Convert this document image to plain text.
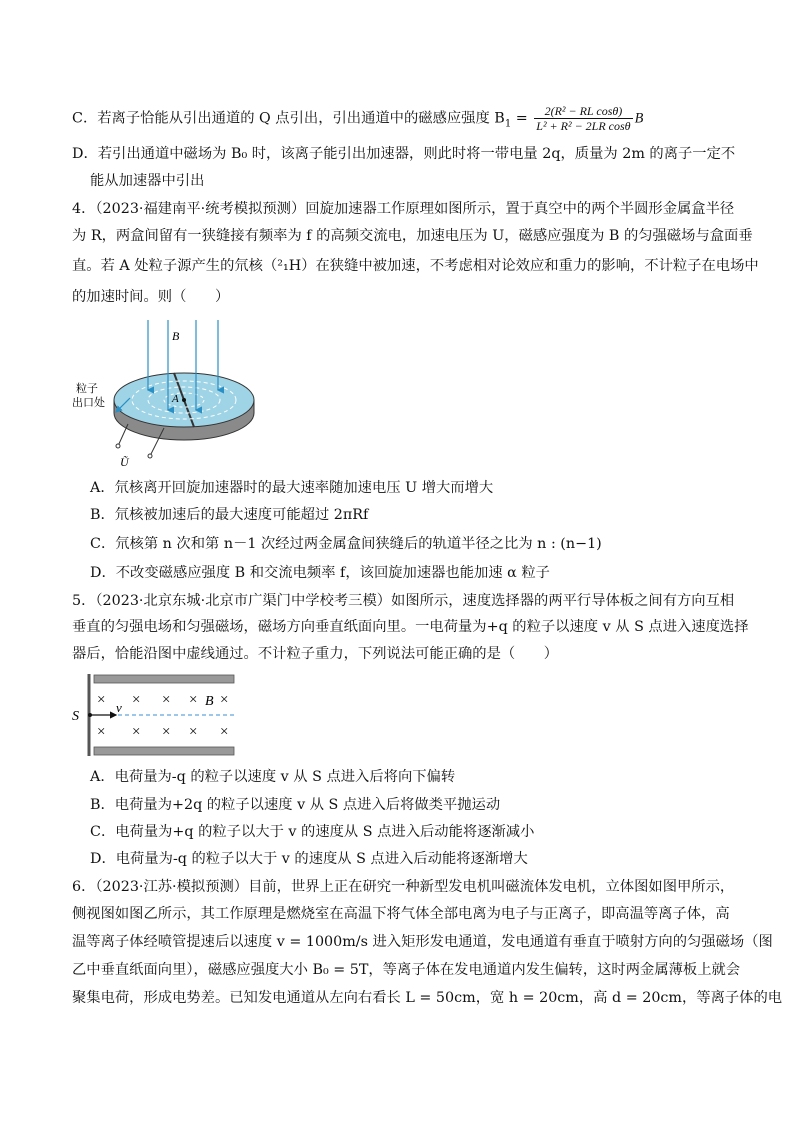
C．若离子恰能从引出通道的 Q 点引出，引出通道中的磁感应强度 $B_1 = \frac{\text{2(R² − RL cosθ)}}{\text{L² + R² − 2LR cosθ}}$ B
D．若引出通道中磁场为 B₀ 时，该离子能引出加速器，则此时将一带电量 2q，质量为 2m 的离子一定不
能从加速器中引出
4．（2023·福建南平·统考模拟预测）回旋加速器工作原理如图所示，置于真空中的两个半圆形金属盒半径
为 R，两盒间留有一狭缝接有频率为 f 的高频交流电，加速电压为 U，磁感应强度为 B 的匀强磁场与盒面垂
直。若 A 处粒子源产生的氘核（²₁H）在狭缝中被加速，不考虑相对论效应和重力的影响，不计粒子在电场中
的加速时间。则（　　）
B
A
粒子
出口处
Ũ
A．氘核离开回旋加速器时的最大速率随加速电压 U 增大而增大
B．氘核被加速后的最大速度可能超过 2πRf
C．氘核第 n 次和第 n－1 次经过两金属盒间狭缝后的轨道半径之比为 n : (n−1)
D．不改变磁感应强度 B 和交流电频率 f，该回旋加速器也能加速 α 粒子
5．（2023·北京东城·北京市广渠门中学校考三模）如图所示，速度选择器的两平行导体板之间有方向互相
垂直的匀强电场和匀强磁场，磁场方向垂直纸面向里。一电荷量为+q 的粒子以速度 v 从 S 点进入速度选择
器后，恰能沿图中虚线通过。不计粒子重力，下列说法可能正确的是（　　）
S
v	B
× × × × ×
× × × × ×
A．电荷量为-q 的粒子以速度 v 从 S 点进入后将向下偏转
B．电荷量为+2q 的粒子以速度 v 从 S 点进入后将做类平抛运动
C．电荷量为+q 的粒子以大于 v 的速度从 S 点进入后动能将逐渐减小
D．电荷量为-q 的粒子以大于 v 的速度从 S 点进入后动能将逐渐增大
6．（2023·江苏·模拟预测）目前，世界上正在研究一种新型发电机叫磁流体发电机，立体图如图甲所示，
侧视图如图乙所示，其工作原理是燃烧室在高温下将气体全部电离为电子与正离子，即高温等离子体，高
温等离子体经喷管提速后以速度 v = 1000m/s 进入矩形发电通道，发电通道有垂直于喷射方向的匀强磁场（图
乙中垂直纸面向里），磁感应强度大小 B₀ = 5T，等离子体在发电通道内发生偏转，这时两金属薄板上就会
聚集电荷，形成电势差。已知发电通道从左向右看长 L = 50cm，宽 h = 20cm，高 d = 20cm，等离子体的电
